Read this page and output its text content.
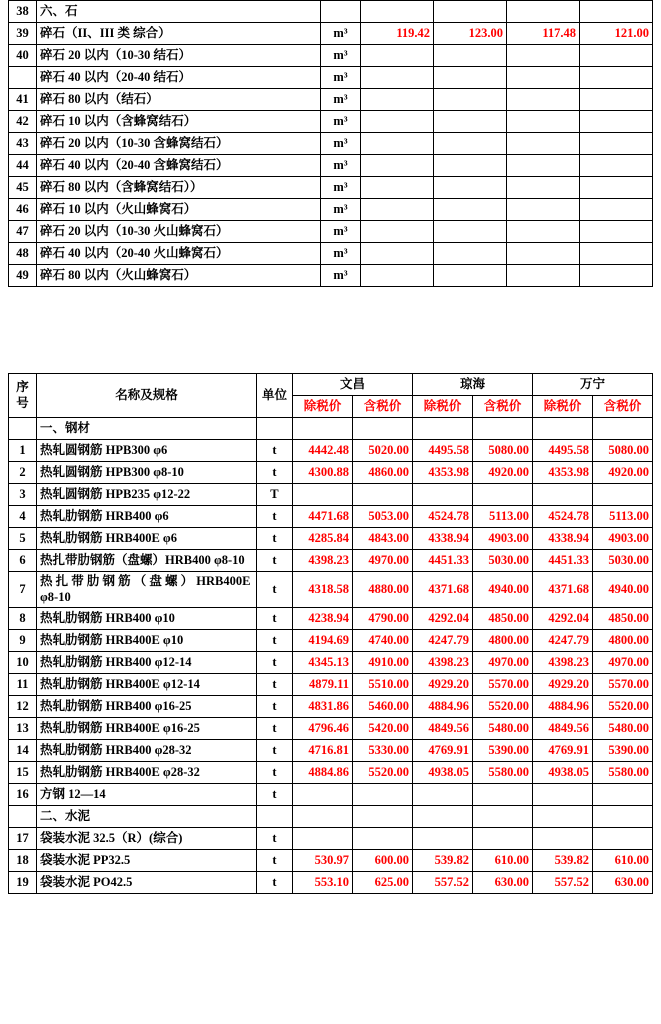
38	六、石					
39	碎石（II、III 类 综合）	m³	119.42	123.00	117.48	121.00
40	碎石 20 以内（10-30 结石）	m³				
	碎石 40 以内（20-40 结石）	m³				
41	碎石 80 以内（结石）	m³				
42	碎石 10 以内（含蜂窝结石）	m³				
43	碎石 20 以内（10-30 含蜂窝结石）	m³				
44	碎石 40 以内（20-40 含蜂窝结石）	m³				
45	碎石 80 以内（含蜂窝结石））	m³				
46	碎石 10 以内（火山蜂窝石）	m³				
47	碎石 20 以内（10-30 火山蜂窝石）	m³				
48	碎石 40 以内（20-40 火山蜂窝石）	m³				
49	碎石 80 以内（火山蜂窝石）	m³				
序号	名称及规格	单位	文昌		琼海		万宁	
			除税价	含税价	除税价	含税价	除税价	含税价
	一、钢材							
1	热轧圆钢筋 HPB300 φ6	t	4442.48	5020.00	4495.58	5080.00	4495.58	5080.00
2	热轧圆钢筋 HPB300 φ8-10	t	4300.88	4860.00	4353.98	4920.00	4353.98	4920.00
3	热轧圆钢筋 HPB235 φ12-22	T						
4	热轧肋钢筋 HRB400 φ6	t	4471.68	5053.00	4524.78	5113.00	4524.78	5113.00
5	热轧肋钢筋 HRB400E φ6	t	4285.84	4843.00	4338.94	4903.00	4338.94	4903.00
6	热扎带肋钢筋（盘螺）HRB400 φ8-10	t	4398.23	4970.00	4451.33	5030.00	4451.33	5030.00
7	热 扎 带 肋 钢 筋 （ 盘 螺 ） HRB400E φ8-10	t	4318.58	4880.00	4371.68	4940.00	4371.68	4940.00
8	热轧肋钢筋 HRB400 φ10	t	4238.94	4790.00	4292.04	4850.00	4292.04	4850.00
9	热轧肋钢筋 HRB400E φ10	t	4194.69	4740.00	4247.79	4800.00	4247.79	4800.00
10	热轧肋钢筋 HRB400 φ12-14	t	4345.13	4910.00	4398.23	4970.00	4398.23	4970.00
11	热轧肋钢筋 HRB400E φ12-14	t	4879.11	5510.00	4929.20	5570.00	4929.20	5570.00
12	热轧肋钢筋 HRB400 φ16-25	t	4831.86	5460.00	4884.96	5520.00	4884.96	5520.00
13	热轧肋钢筋 HRB400E φ16-25	t	4796.46	5420.00	4849.56	5480.00	4849.56	5480.00
14	热轧肋钢筋 HRB400 φ28-32	t	4716.81	5330.00	4769.91	5390.00	4769.91	5390.00
15	热轧肋钢筋 HRB400E φ28-32	t	4884.86	5520.00	4938.05	5580.00	4938.05	5580.00
16	方钢 12—14	t						
	二、水泥							
17	袋装水泥 32.5（R）(综合)	t						
18	袋装水泥 PP32.5	t	530.97	600.00	539.82	610.00	539.82	610.00
19	袋装水泥 PO42.5	t	553.10	625.00	557.52	630.00	557.52	630.00
